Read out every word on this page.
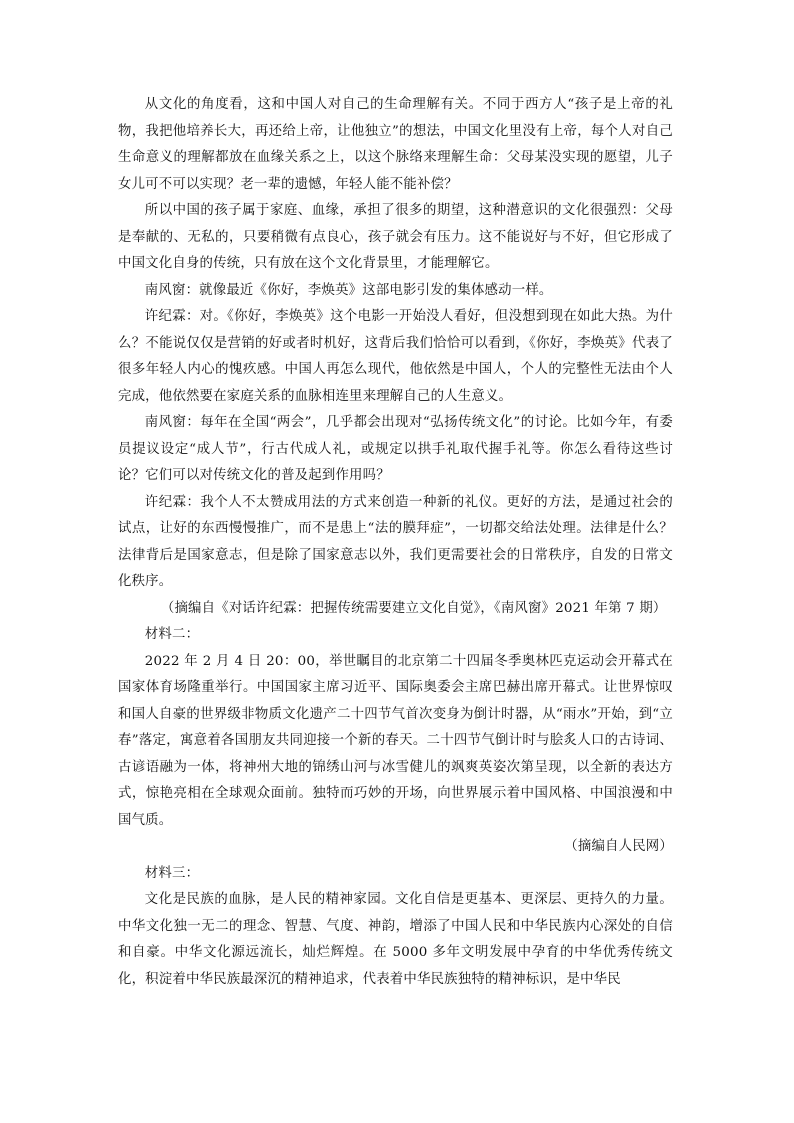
从文化的角度看，这和中国人对自己的生命理解有关。不同于西方人“孩子是上帝的礼物，我把他培养长大，再还给上帝，让他独立”的想法，中国文化里没有上帝，每个人对自己生命意义的理解都放在血缘关系之上，以这个脉络来理解生命：父母某没实现的愿望，儿子女儿可不可以实现？老一辈的遗憾，年轻人能不能补偿？

所以中国的孩子属于家庭、血缘，承担了很多的期望，这种潜意识的文化很强烈：父母是奉献的、无私的，只要稍微有点良心，孩子就会有压力。这不能说好与不好，但它形成了中国文化自身的传统，只有放在这个文化背景里，才能理解它。

南风窗：就像最近《你好，李焕英》这部电影引发的集体感动一样。

许纪霖：对。《你好，李焕英》这个电影一开始没人看好，但没想到现在如此大热。为什么？不能说仅仅是营销的好或者时机好，这背后我们恰恰可以看到，《你好，李焕英》代表了很多年轻人内心的愧疚感。中国人再怎么现代，他依然是中国人，个人的完整性无法由个人完成，他依然要在家庭关系的血脉相连里来理解自己的人生意义。

南风窗：每年在全国“两会”，几乎都会出现对“弘扬传统文化”的讨论。比如今年，有委员提议设定“成人节”，行古代成人礼，或规定以拱手礼取代握手礼等。你怎么看待这些讨论？它们可以对传统文化的普及起到作用吗？

许纪霖：我个人不太赞成用法的方式来创造一种新的礼仪。更好的方法，是通过社会的试点，让好的东西慢慢推广，而不是患上“法的膜拜症”，一切都交给法处理。法律是什么？法律背后是国家意志，但是除了国家意志以外，我们更需要社会的日常秩序，自发的日常文化秩序。

（摘编自《对话许纪霖：把握传统需要建立文化自觉》，《南风窗》2021 年第 7 期）

材料二：

2022 年 2 月 4 日 20：00，举世瞩目的北京第二十四届冬季奥林匹克运动会开幕式在国家体育场隆重举行。中国国家主席习近平、国际奥委会主席巴赫出席开幕式。让世界惊叹和国人自豪的世界级非物质文化遗产二十四节气首次变身为倒计时器，从“雨水”开始，到“立春”落定，寓意着各国朋友共同迎接一个新的春天。二十四节气倒计时与脍炙人口的古诗词、古谚语融为一体，将神州大地的锦绣山河与冰雪健儿的飒爽英姿次第呈现，以全新的表达方式，惊艳亮相在全球观众面前。独特而巧妙的开场，向世界展示着中国风格、中国浪漫和中国气质。

（摘编自人民网）

材料三：

文化是民族的血脉，是人民的精神家园。文化自信是更基本、更深层、更持久的力量。中华文化独一无二的理念、智慧、气度、神韵，增添了中国人民和中华民族内心深处的自信和自豪。中华文化源远流长，灿烂辉煌。在 5000 多年文明发展中孕育的中华优秀传统文化，积淀着中华民族最深沉的精神追求，代表着中华民族独特的精神标识，是中华民
